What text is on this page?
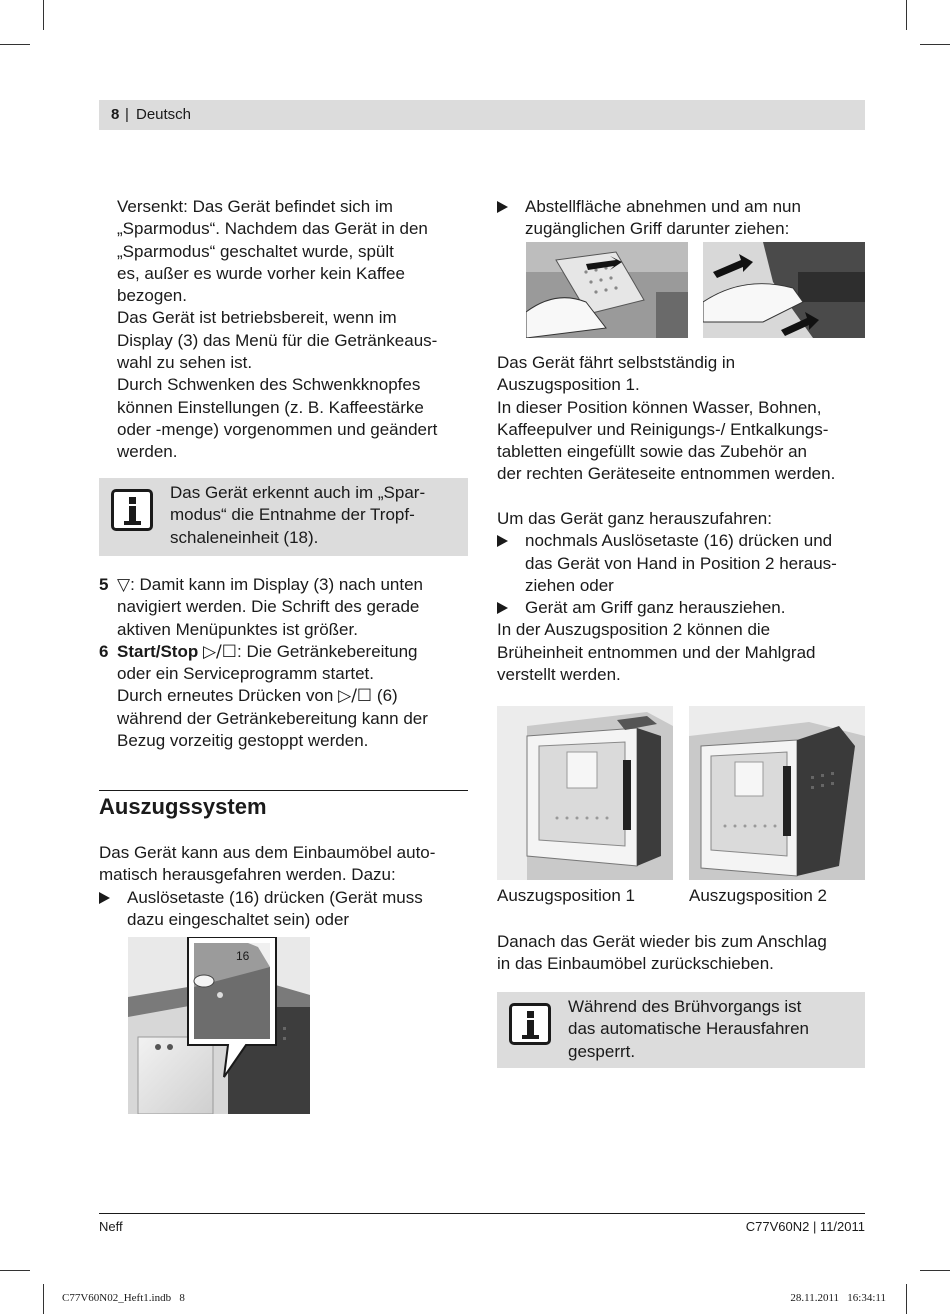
8 | Deutsch

Versenkt: Das Gerät befindet sich im

„Sparmodus“. Nachdem das Gerät in den

„Sparmodus“ geschaltet wurde, spült

es, außer es wurde vorher kein Kaffee

bezogen.

Das Gerät ist betriebsbereit, wenn im

Display (3) das Menü für die Getränkeaus-

wahl zu sehen ist.

Durch Schwenken des Schwenkknopfes

können Einstellungen (z. B. Kaffeestärke

oder -menge) vorgenommen und geändert

werden.

Das Gerät erkennt auch im „Spar-

modus“ die Entnahme der Tropf-

schaleneinheit (18).

5 ▽: Damit kann im Display (3) nach unten

navigiert werden. Die Schrift des gerade

aktiven Menüpunktes ist größer.

6 Start/Stop ▷/☐: Die Getränkebereitung

oder ein Serviceprogramm startet.

Durch erneutes Drücken von ▷/☐ (6)

während der Getränkebereitung kann der

Bezug vorzeitig gestoppt werden.

Auszugssystem

Das Gerät kann aus dem Einbaumöbel auto-

matisch herausgefahren werden. Dazu:

Auslösetaste (16) drücken (Gerät muss

dazu eingeschaltet sein) oder

16

Abstellfläche abnehmen und am nun

zugänglichen Griff darunter ziehen:

Das Gerät fährt selbstständig in

Auszugsposition 1.

In dieser Position können Wasser, Bohnen,

Kaffeepulver und Reinigungs-/ Entkalkungs-

tabletten eingefüllt sowie das Zubehör an

der rechten Geräteseite entnommen werden.

Um das Gerät ganz herauszufahren:

nochmals Auslösetaste (16) drücken und

das Gerät von Hand in Position 2 heraus-

ziehen oder

Gerät am Griff ganz herausziehen.

In der Auszugsposition 2 können die

Brüheinheit entnommen und der Mahlgrad

verstellt werden.

Auszugsposition 1	Auszugsposition 2

Danach das Gerät wieder bis zum Anschlag

in das Einbaumöbel zurückschieben.

Während des Brühvorgangs ist

das automatische Herausfahren

gesperrt.

Neff	C77V60N2 | 11/2011
C77V60N02_Heft1.indb   8	28.11.2011   16:34:11
